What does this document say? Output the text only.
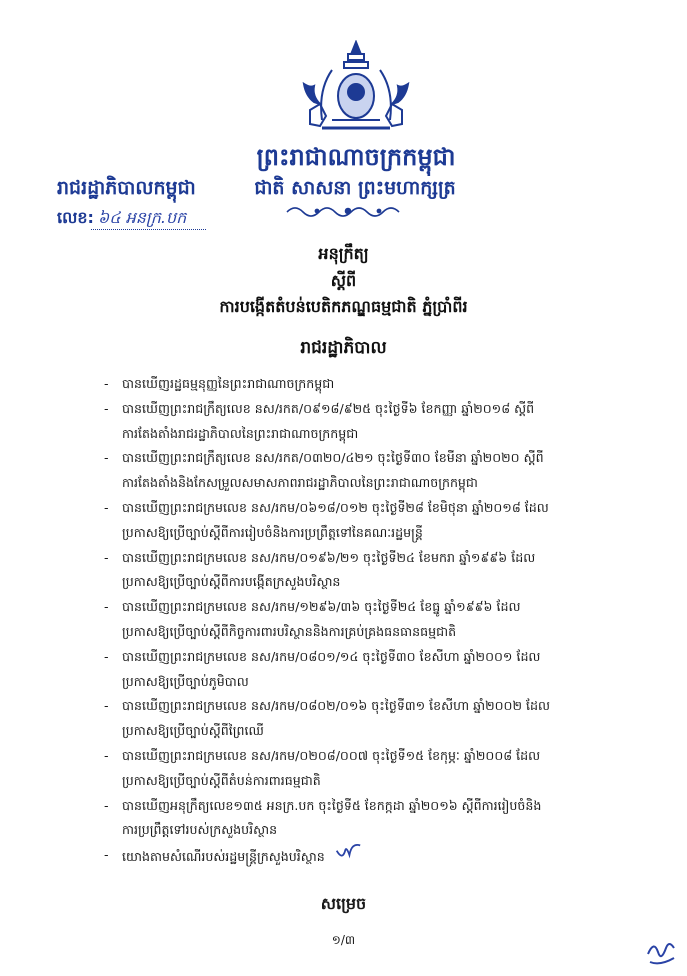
ព្រះរាជាណាចក្រកម្ពុជា
រាជរដ្ឋាភិបាលកម្ពុជា	ជាតិ សាសនា ព្រះមហាក្សត្រ
លេខ: ៦៤ អនក្រ.បក
អនុក្រឹត្យ
ស្តីពី
ការបង្កើតតំបន់បេតិកភណ្ឌធម្មជាតិ ភ្នំប្រាំពីរ
រាជរដ្ឋាភិបាល
- បានឃើញរដ្ឋធម្មនុញ្ញនៃព្រះរាជាណាចក្រកម្ពុជា
- បានឃើញព្រះរាជក្រឹត្យលេខ នស/រកត/០៩១៨/៩២៥ ចុះថ្ងៃទី៦ ខែកញ្ញា ឆ្នាំ២០១៨ ស្តីពី
ការតែងតាំងរាជរដ្ឋាភិបាលនៃព្រះរាជាណាចក្រកម្ពុជា
- បានឃើញព្រះរាជក្រឹត្យលេខ នស/រកត/០៣២០/៤២១ ចុះថ្ងៃទី៣០ ខែមីនា ឆ្នាំ២០២០ ស្តីពី
ការតែងតាំងនិងកែសម្រួលសមាសភាពរាជរដ្ឋាភិបាលនៃព្រះរាជាណាចក្រកម្ពុជា
- បានឃើញព្រះរាជក្រមលេខ នស/រកម/០៦១៨/០១២ ចុះថ្ងៃទី២៨ ខែមិថុនា ឆ្នាំ២០១៨ ដែល
ប្រកាសឱ្យប្រើច្បាប់ស្តីពីការរៀបចំនិងការប្រព្រឹត្តទៅនៃគណៈរដ្ឋមន្ត្រី
- បានឃើញព្រះរាជក្រមលេខ នស/រកម/០១៩៦/២១ ចុះថ្ងៃទី២៤ ខែមករា ឆ្នាំ១៩៩៦ ដែល
ប្រកាសឱ្យប្រើច្បាប់ស្តីពីការបង្កើតក្រសួងបរិស្ថាន
- បានឃើញព្រះរាជក្រមលេខ នស/រកម/១២៩៦/៣៦ ចុះថ្ងៃទី២៤ ខែធ្នូ ឆ្នាំ១៩៩៦ ដែល
ប្រកាសឱ្យប្រើច្បាប់ស្តីពីកិច្ចការពារបរិស្ថាននិងការគ្រប់គ្រងធនធានធម្មជាតិ
- បានឃើញព្រះរាជក្រមលេខ នស/រកម/០៨០១/១៤ ចុះថ្ងៃទី៣០ ខែសីហា ឆ្នាំ២០០១ ដែល
ប្រកាសឱ្យប្រើច្បាប់ភូមិបាល
- បានឃើញព្រះរាជក្រមលេខ នស/រកម/០៨០២/០១៦ ចុះថ្ងៃទី៣១ ខែសីហា ឆ្នាំ២០០២ ដែល
ប្រកាសឱ្យប្រើច្បាប់ស្តីពីព្រៃឈើ
- បានឃើញព្រះរាជក្រមលេខ នស/រកម/០២០៨/០០៧ ចុះថ្ងៃទី១៥ ខែកុម្ភៈ ឆ្នាំ២០០៨ ដែល
ប្រកាសឱ្យប្រើច្បាប់ស្តីពីតំបន់ការពារធម្មជាតិ
- បានឃើញអនុក្រឹត្យលេខ១៣៥ អនក្រ.បក ចុះថ្ងៃទី៥ ខែកក្កដា ឆ្នាំ២០១៦ ស្តីពីការរៀបចំនិង
ការប្រព្រឹត្តទៅរបស់ក្រសួងបរិស្ថាន
- យោងតាមសំណើរបស់រដ្ឋមន្ត្រីក្រសួងបរិស្ថាន
សម្រេច
១/៣
